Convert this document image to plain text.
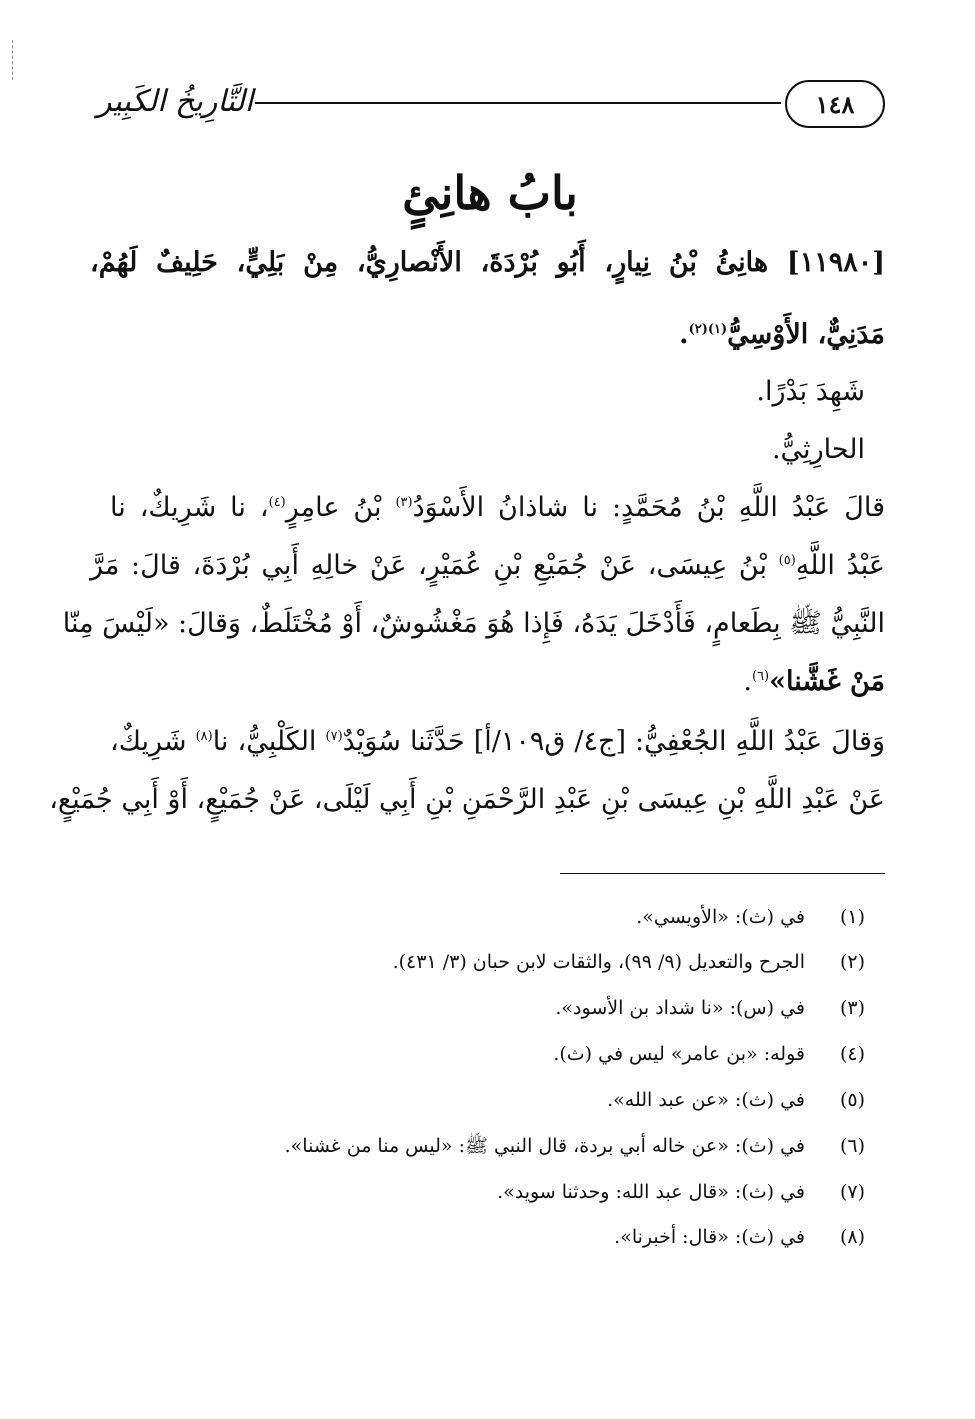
١٤٨
التَّارِيخُ الكَبِير
بابُ هانِئٍ
[١١٩٨٠] هانِئُ بْنُ نِيارٍ، أَبُو بُرْدَةَ، الأَنْصارِيُّ، مِنْ بَلِيٍّ، حَلِيفٌ لَهُمْ،
مَدَنِيٌّ، الأَوْسِيُّ$^{(١)(٢)}$.
شَهِدَ بَدْرًا.
الحارِثِيُّ.
قالَ عَبْدُ اللَّهِ بْنُ مُحَمَّدٍ: نا شاذانُ الأَسْوَدُ$^{(٣)}$ بْنُ عامِرٍ$^{(٤)}$، نا شَرِيكٌ، نا
عَبْدُ اللَّهِ$^{(٥)}$ بْنُ عِيسَى، عَنْ جُمَيْعِ بْنِ عُمَيْرٍ، عَنْ خالِهِ أَبِي بُرْدَةَ، قالَ: مَرَّ
النَّبِيُّ ﷺ بِطَعامٍ، فَأَدْخَلَ يَدَهُ، فَإِذا هُوَ مَغْشُوشٌ، أَوْ مُخْتَلَطٌ، وَقالَ: «لَيْسَ مِنّا
مَنْ غَشَّنا»$^{(٦)}$.
وَقالَ عَبْدُ اللَّهِ الجُعْفِيُّ: [ج٤/ ق١٠٩/أ] حَدَّثَنا سُوَيْدٌ$^{(٧)}$ الكَلْبِيُّ، نا$^{(٨)}$ شَرِيكٌ،
عَنْ عَبْدِ اللَّهِ بْنِ عِيسَى بْنِ عَبْدِ الرَّحْمَنِ بْنِ أَبِي لَيْلَى، عَنْ جُمَيْعٍ، أَوْ أَبِي جُمَيْعٍ،
(١)في (ث): «الأويسي».
(٢)الجرح والتعديل (٩/ ٩٩)، والثقات لابن حبان (٣/ ٤٣١).
(٣)في (س): «نا شداد بن الأسود».
(٤)قوله: «بن عامر» ليس في (ث).
(٥)في (ث): «عن عبد الله».
(٦)في (ث): «عن خاله أبي بردة، قال النبي ﷺ: «ليس منا من غشنا».
(٧)في (ث): «قال عبد الله: وحدثنا سويد».
(٨)في (ث): «قال: أخبرنا».
